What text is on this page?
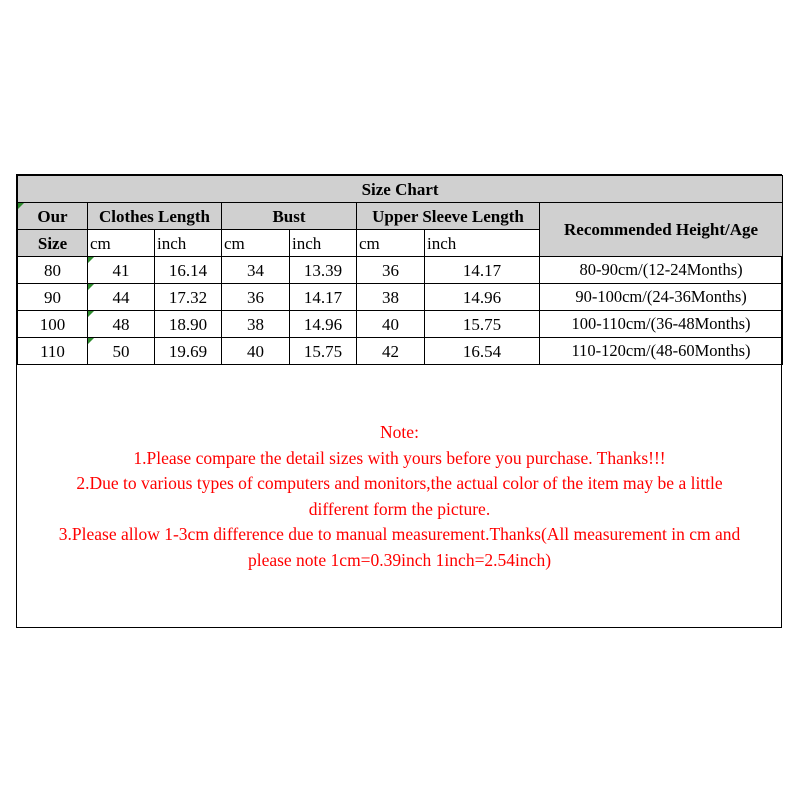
Size Chart							
Our	Clothes Length		Bust		Upper Sleeve Length		Recommended Height/Age
Size	cm	inch	cm	inch	cm	inch	
80	41	16.14	34	13.39	36	14.17	80-90cm/(12-24Months)
90	44	17.32	36	14.17	38	14.96	90-100cm/(24-36Months)
100	48	18.90	38	14.96	40	15.75	100-110cm/(36-48Months)
110	50	19.69	40	15.75	42	16.54	110-120cm/(48-60Months)
Note:
1.Please compare the detail sizes with yours before you purchase. Thanks!!!
2.Due to various types of computers and monitors,the actual color of the item may be a little
different form the picture.
3.Please allow 1-3cm difference due to manual measurement.Thanks(All measurement in cm and
please note 1cm=0.39inch 1inch=2.54inch)
